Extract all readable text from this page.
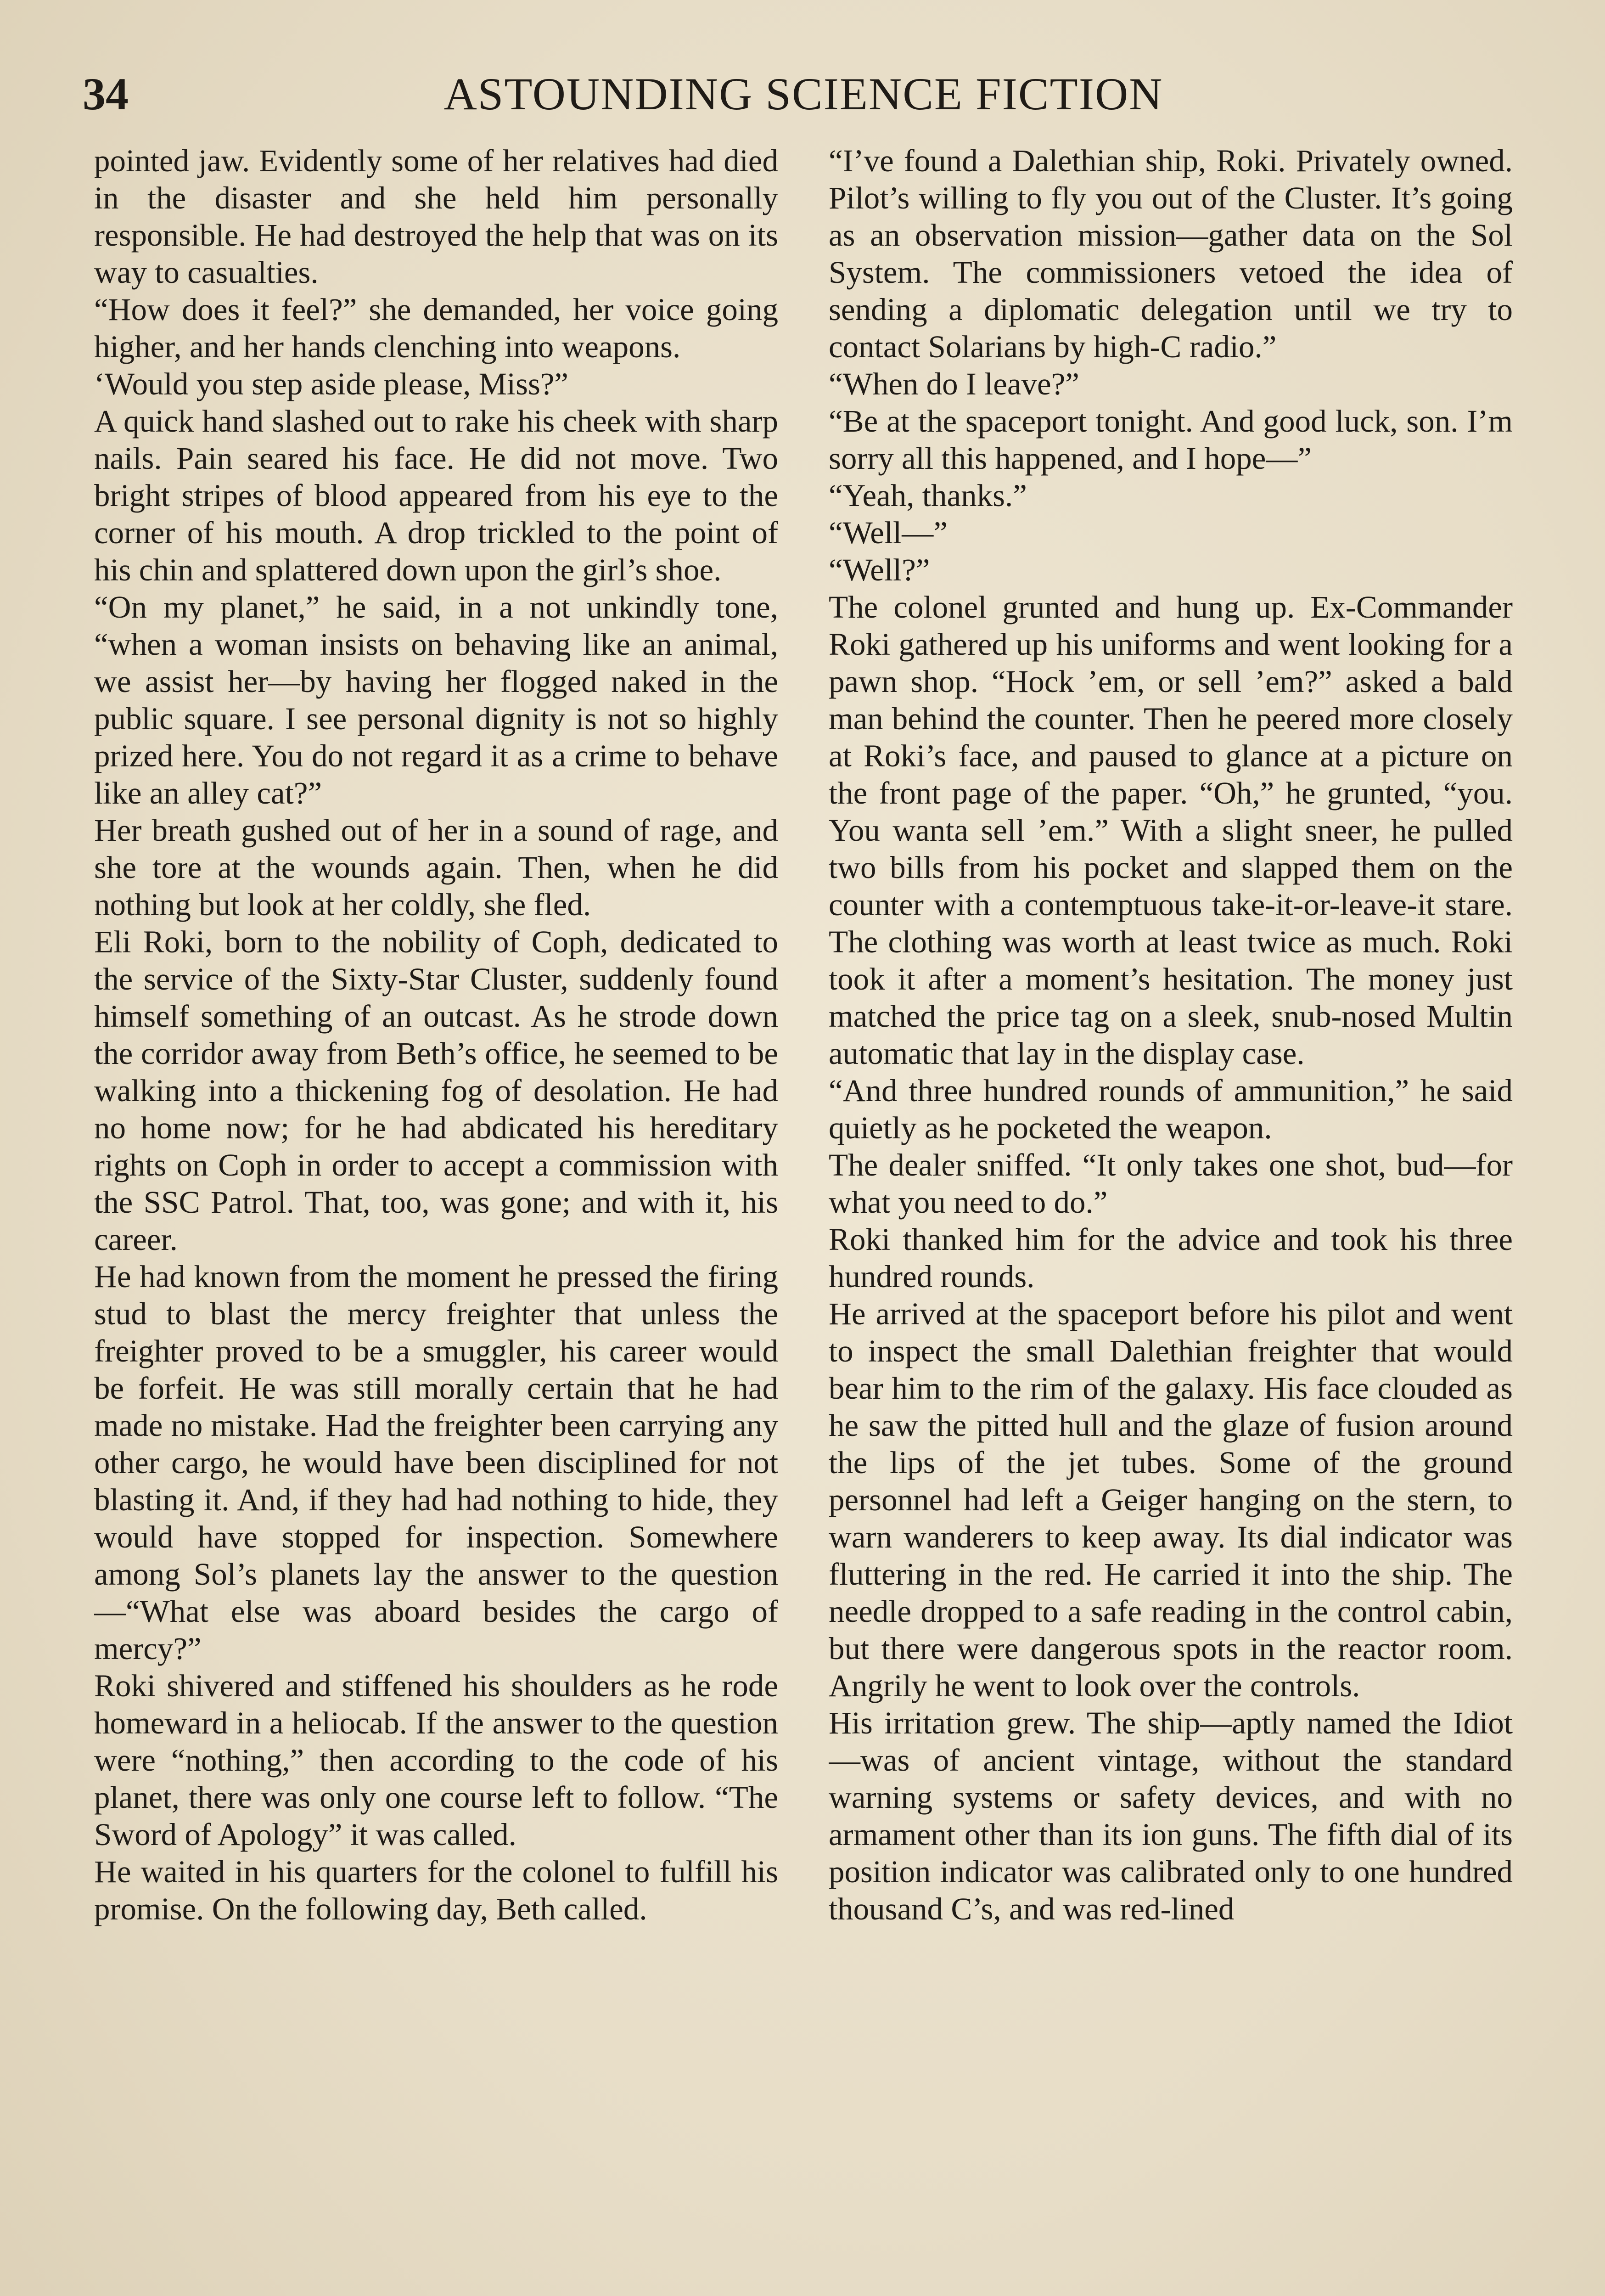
34	ASTOUNDING SCIENCE FICTION

pointed jaw. Evidently some of her relatives had died in the disaster and she held him personally responsible. He had destroyed the help that was on its way to casualties.

“How does it feel?” she demanded, her voice going higher, and her hands clenching into weapons.

‘Would you step aside please, Miss?”

A quick hand slashed out to rake his cheek with sharp nails. Pain seared his face. He did not move. Two bright stripes of blood appeared from his eye to the corner of his mouth. A drop trickled to the point of his chin and splattered down upon the girl’s shoe.

“On my planet,” he said, in a not unkindly tone, “when a woman insists on behaving like an animal, we assist her—by having her flogged naked in the public square. I see personal dignity is not so highly prized here. You do not regard it as a crime to behave like an alley cat?”

Her breath gushed out of her in a sound of rage, and she tore at the wounds again. Then, when he did nothing but look at her coldly, she fled.

Eli Roki, born to the nobility of Coph, dedicated to the service of the Sixty-Star Cluster, suddenly found himself something of an outcast. As he strode down the corridor away from Beth’s office, he seemed to be walking into a thickening fog of desolation. He had no home now; for he had abdicated his hereditary rights on Coph in order to accept a commission with the SSC Patrol. That, too, was gone; and with it, his career.

He had known from the moment he pressed the firing stud to blast the mercy freighter that unless the freighter proved to be a smuggler, his career would be forfeit. He was still morally certain that he had made no mistake. Had the freighter been carrying any other cargo, he would have been disciplined for not blasting it. And, if they had had nothing to hide, they would have stopped for inspection. Somewhere among Sol’s planets lay the answer to the question—“What else was aboard besides the cargo of mercy?”

Roki shivered and stiffened his shoulders as he rode homeward in a heliocab. If the answer to the question were “nothing,” then according to the code of his planet, there was only one course left to follow. “The Sword of Apology” it was called.

He waited in his quarters for the colonel to fulfill his promise. On the following day, Beth called.

“I’ve found a Dalethian ship, Roki. Privately owned. Pilot’s willing to fly you out of the Cluster. It’s going as an observation mission—gather data on the Sol System. The commissioners vetoed the idea of sending a diplomatic delegation until we try to contact Solarians by high-C radio.”

“When do I leave?”

“Be at the spaceport tonight. And good luck, son. I’m sorry all this happened, and I hope—”

“Yeah, thanks.”

“Well—”

“Well?”

The colonel grunted and hung up. Ex-Commander Roki gathered up his uniforms and went looking for a pawn shop. “Hock ’em, or sell ’em?” asked a bald man behind the counter. Then he peered more closely at Roki’s face, and paused to glance at a picture on the front page of the paper. “Oh,” he grunted, “you. You wanta sell ’em.” With a slight sneer, he pulled two bills from his pocket and slapped them on the counter with a contemptuous take-it-or-leave-it stare. The clothing was worth at least twice as much. Roki took it after a moment’s hesitation. The money just matched the price tag on a sleek, snub-nosed Multin automatic that lay in the display case.

“And three hundred rounds of ammunition,” he said quietly as he pocketed the weapon.

The dealer sniffed. “It only takes one shot, bud—for what you need to do.”

Roki thanked him for the advice and took his three hundred rounds.

He arrived at the spaceport before his pilot and went to inspect the small Dalethian freighter that would bear him to the rim of the galaxy. His face clouded as he saw the pitted hull and the glaze of fusion around the lips of the jet tubes. Some of the ground personnel had left a Geiger hanging on the stern, to warn wanderers to keep away. Its dial indicator was fluttering in the red. He carried it into the ship. The needle dropped to a safe reading in the control cabin, but there were dangerous spots in the reactor room. Angrily he went to look over the controls.

His irritation grew. The ship—aptly named the Idiot—was of ancient vintage, without the standard warning systems or safety devices, and with no armament other than its ion guns. The fifth dial of its position indicator was calibrated only to one hundred thousand C’s, and was red-lined
